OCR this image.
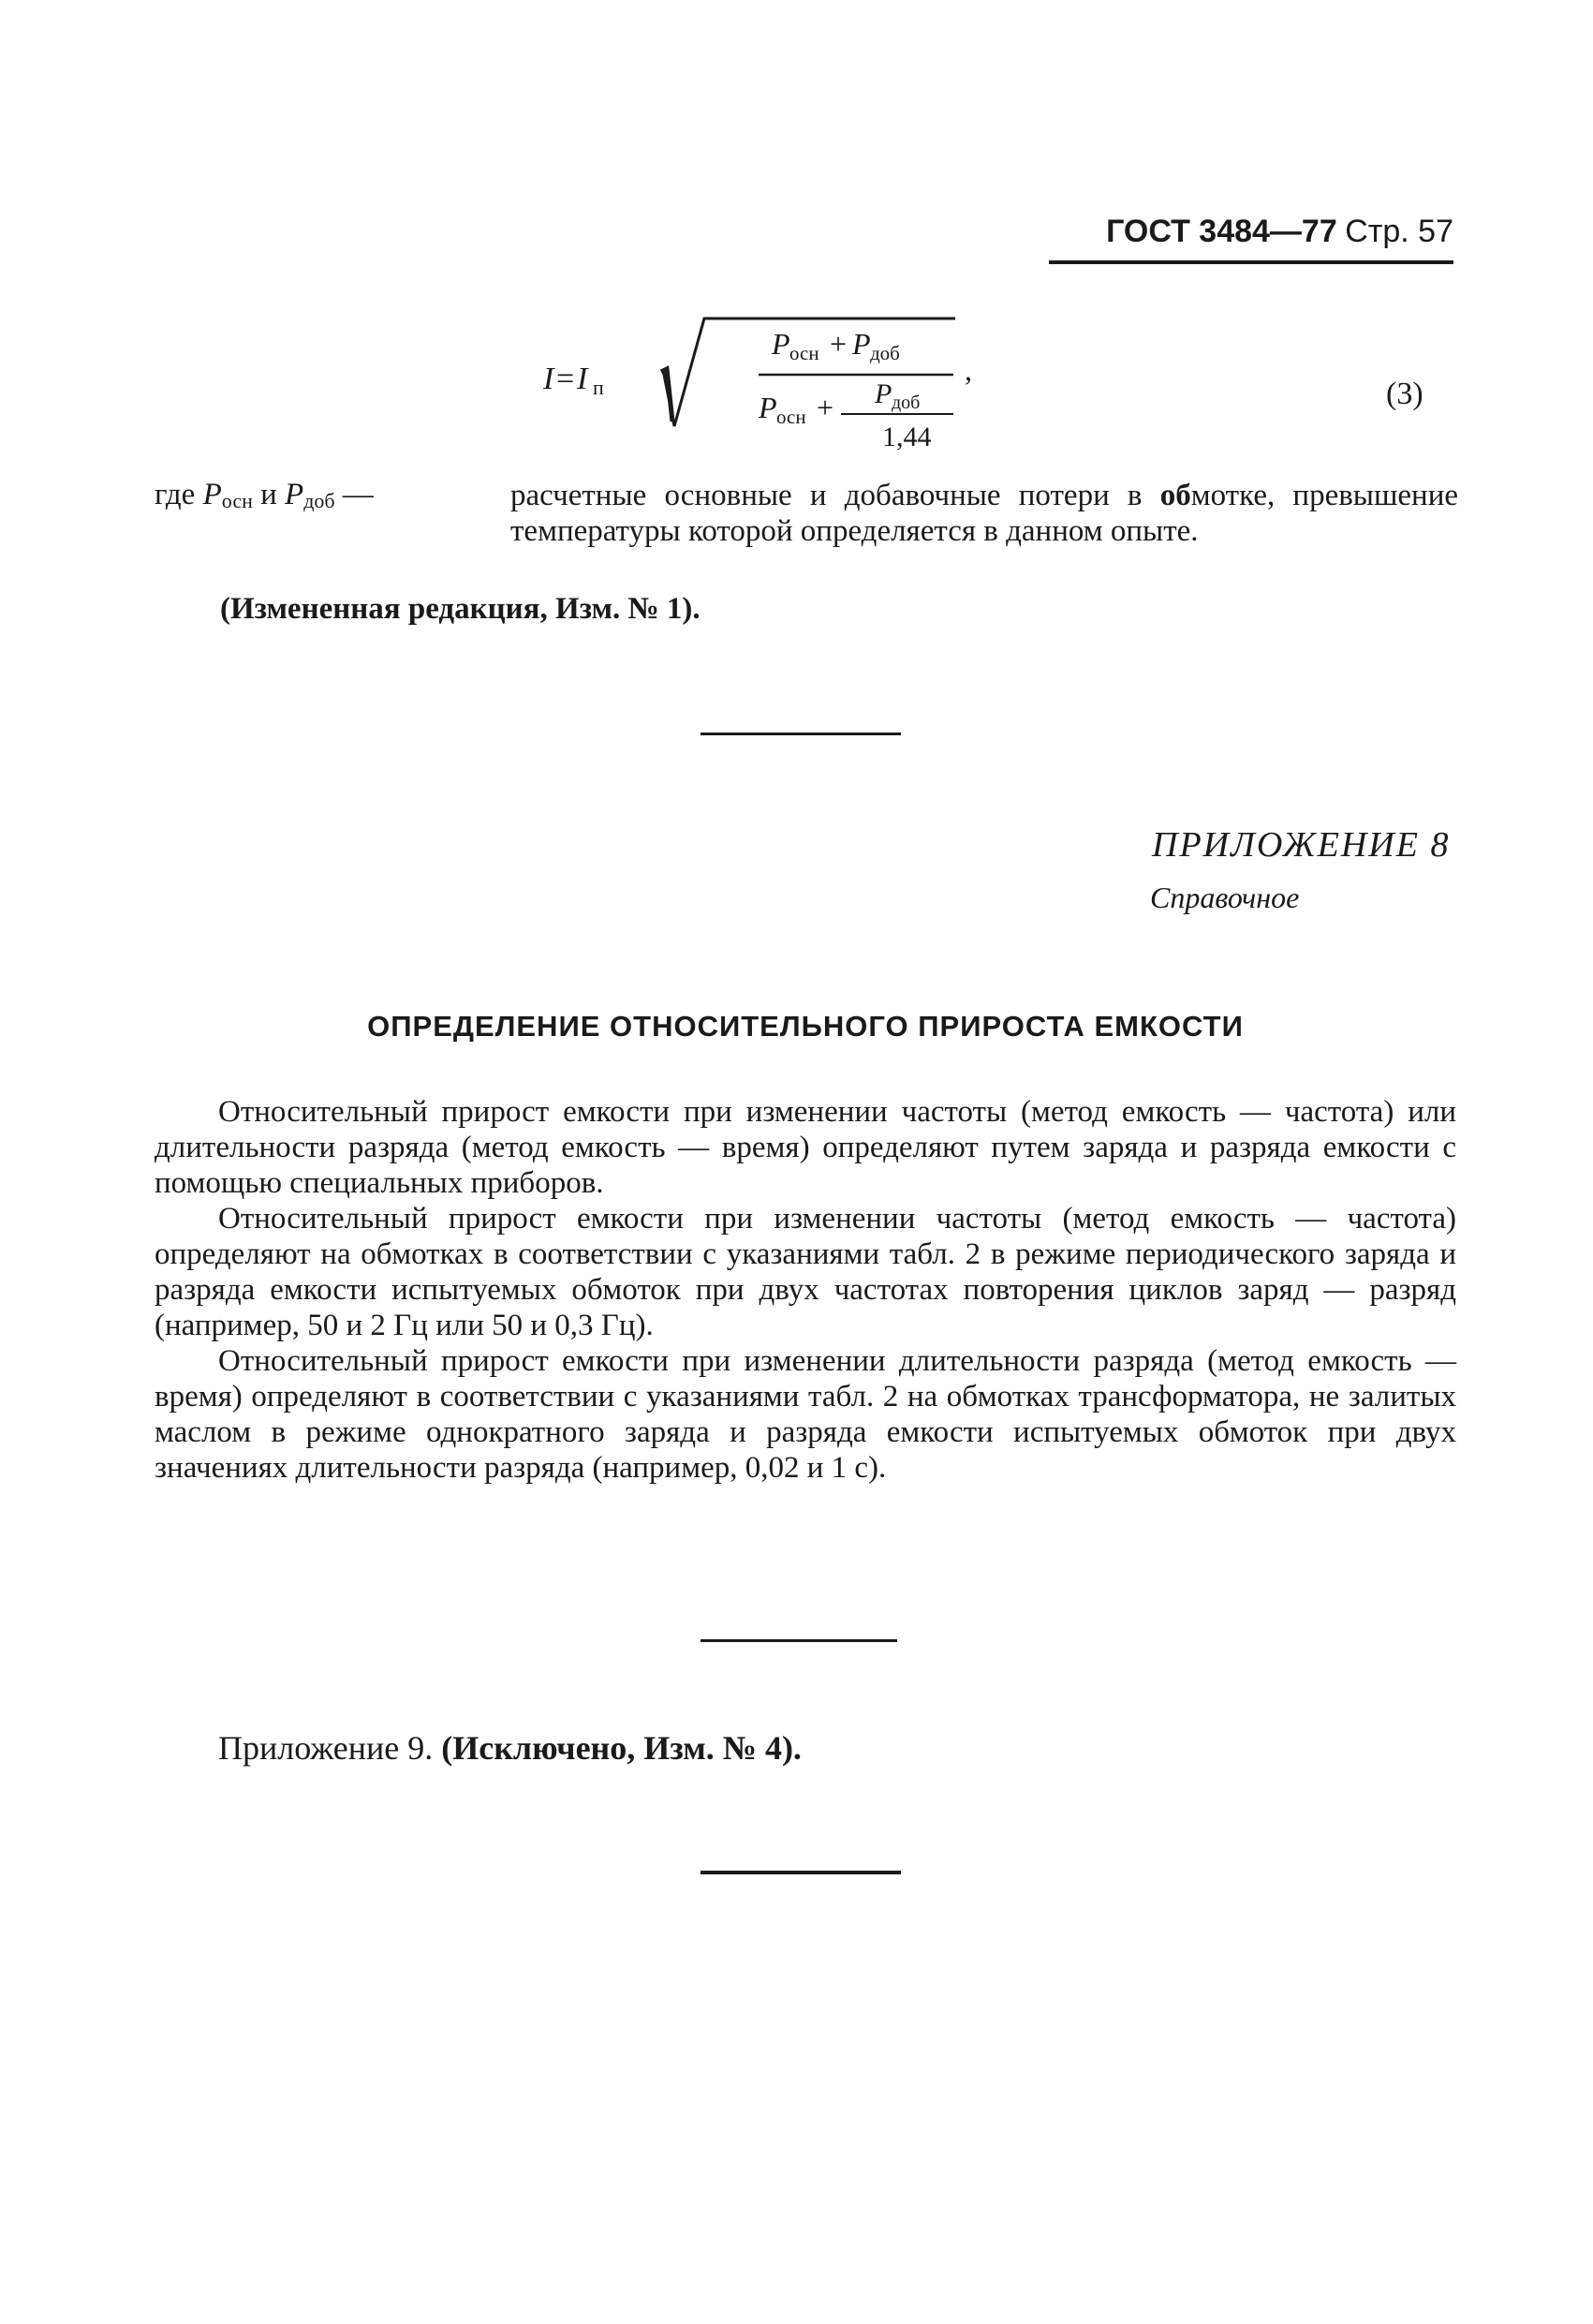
ГОСТ 3484—77 Стр. 57
I = I п
P осн + P доб
P осн + P доб
1,44
,
(3)
где $P_{осн}$ и $P_{доб}$ —	расчетные основные и добавочные потери в обмотке, превышение температуры которой определяется в данном опыте.
(Измененная редакция, Изм. № 1).
ПРИЛОЖЕНИЕ 8
Справочное
ОПРЕДЕЛЕНИЕ ОТНОСИТЕЛЬНОГО ПРИРОСТА ЕМКОСТИ

Относительный прирост емкости при изменении частоты (метод емкость — частота) или длительности разряда (метод емкость — время) определяют путем заряда и разряда емкости с помощью специальных приборов.

Относительный прирост емкости при изменении частоты (метод емкость — частота) определяют на обмотках в соответствии с указаниями табл. 2 в режиме периодического заряда и разряда емкости испытуемых обмоток при двух частотах повторения циклов заряд — разряд (например, 50 и 2 Гц или 50 и 0,3 Гц).

Относительный прирост емкости при изменении длительности разряда (метод емкость — время) определяют в соответствии с указаниями табл. 2 на обмотках трансформатора, не залитых маслом в режиме однократного заряда и разряда емкости испытуемых обмоток при двух значениях длительности разряда (например, 0,02 и 1 с).

Приложение 9. (Исключено, Изм. № 4).
